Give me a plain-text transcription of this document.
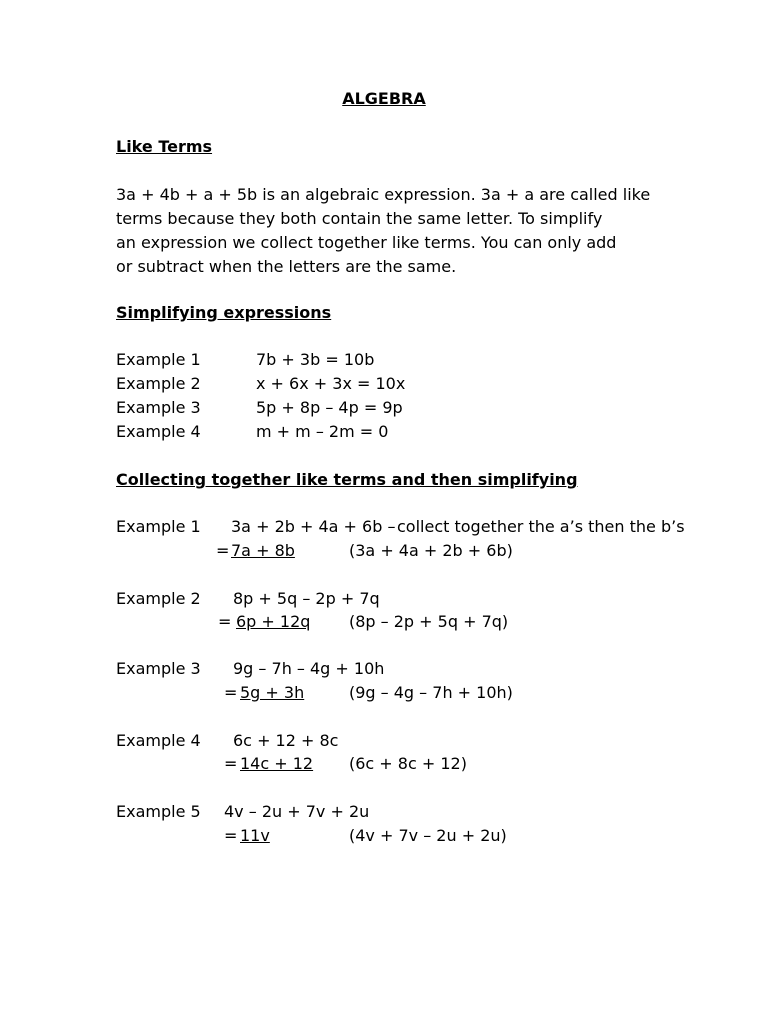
ALGEBRA
Like Terms

3a + 4b + a + 5b is an algebraic expression. 3a + a are called like
terms because they both contain the same letter. To simplify
an expression we collect together like terms. You can only add
or subtract when the letters are the same.

Simplifying expressions
Example 1	7b + 3b = 10b
Example 2	x + 6x + 3x = 10x
Example 3	5p + 8p – 4p = 9p
Example 4	m + m – 2m = 0
Collecting together like terms and then simplifying
Example 1 3a + 2b + 4a + 6b – collect together the a’s then the b’s
= 7a + 8b	(3a + 4a + 2b + 6b)
Example 2 8p + 5q – 2p + 7q
= 6p + 12q (8p – 2p + 5q + 7q)
Example 3 9g – 7h – 4g + 10h
= 5g + 3h	(9g – 4g – 7h + 10h)
Example 4 6c + 12 + 8c
= 14c + 12 (6c + 8c + 12)
Example 5 4v – 2u + 7v + 2u
= 11v	(4v + 7v – 2u + 2u)
